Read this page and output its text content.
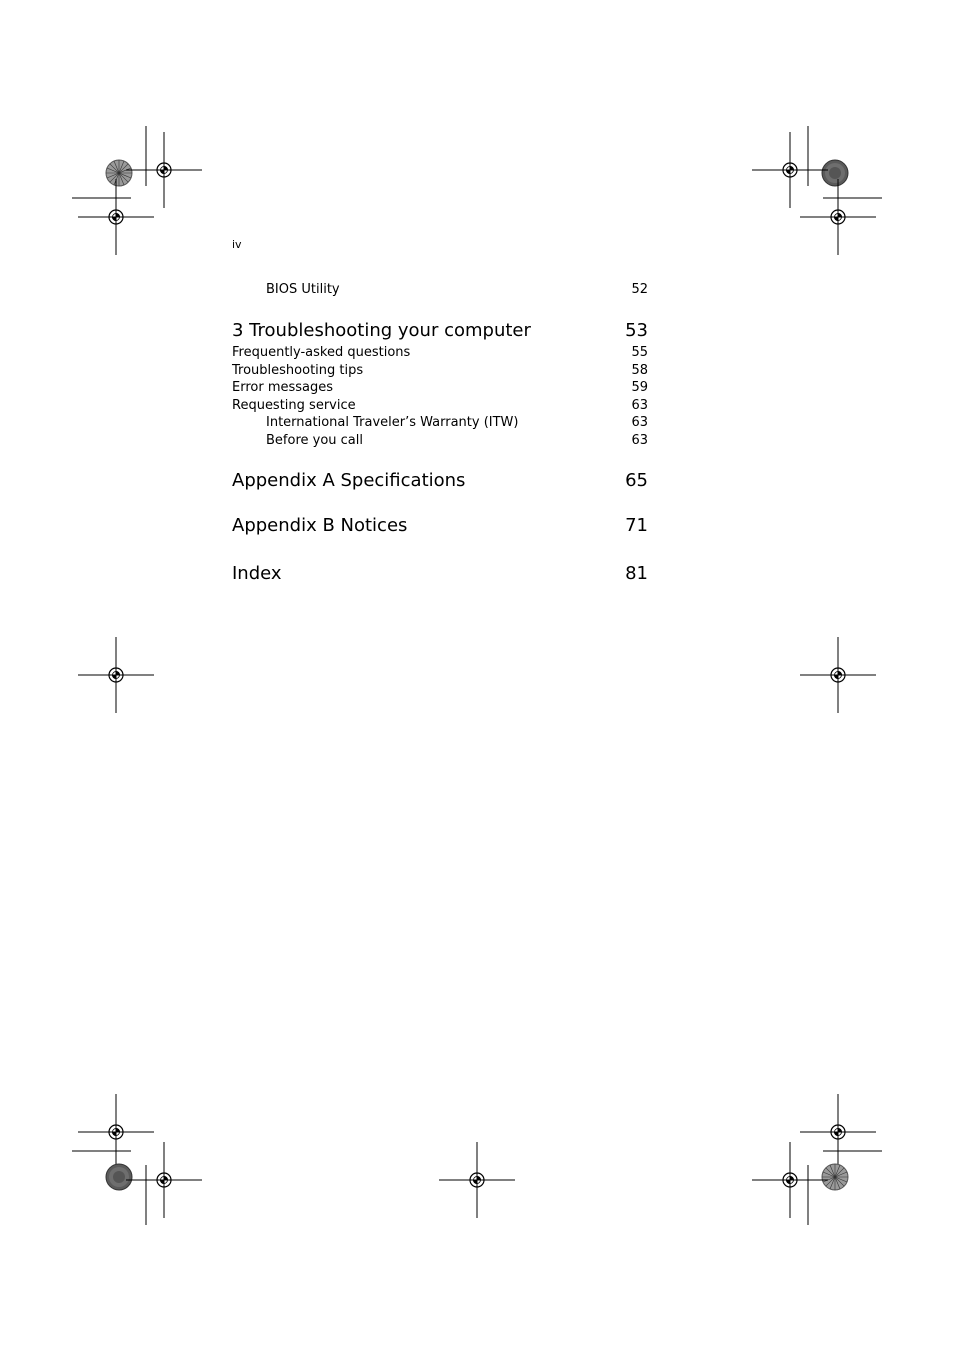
iv
BIOS Utility	52
3 Troubleshooting your computer	53
Frequently-asked questions	55
Troubleshooting tips	58
Error messages	59
Requesting service	63
International Traveler’s Warranty (ITW)	63
Before you call	63
Appendix A Specifications	65
Appendix B Notices	71
Index	81
